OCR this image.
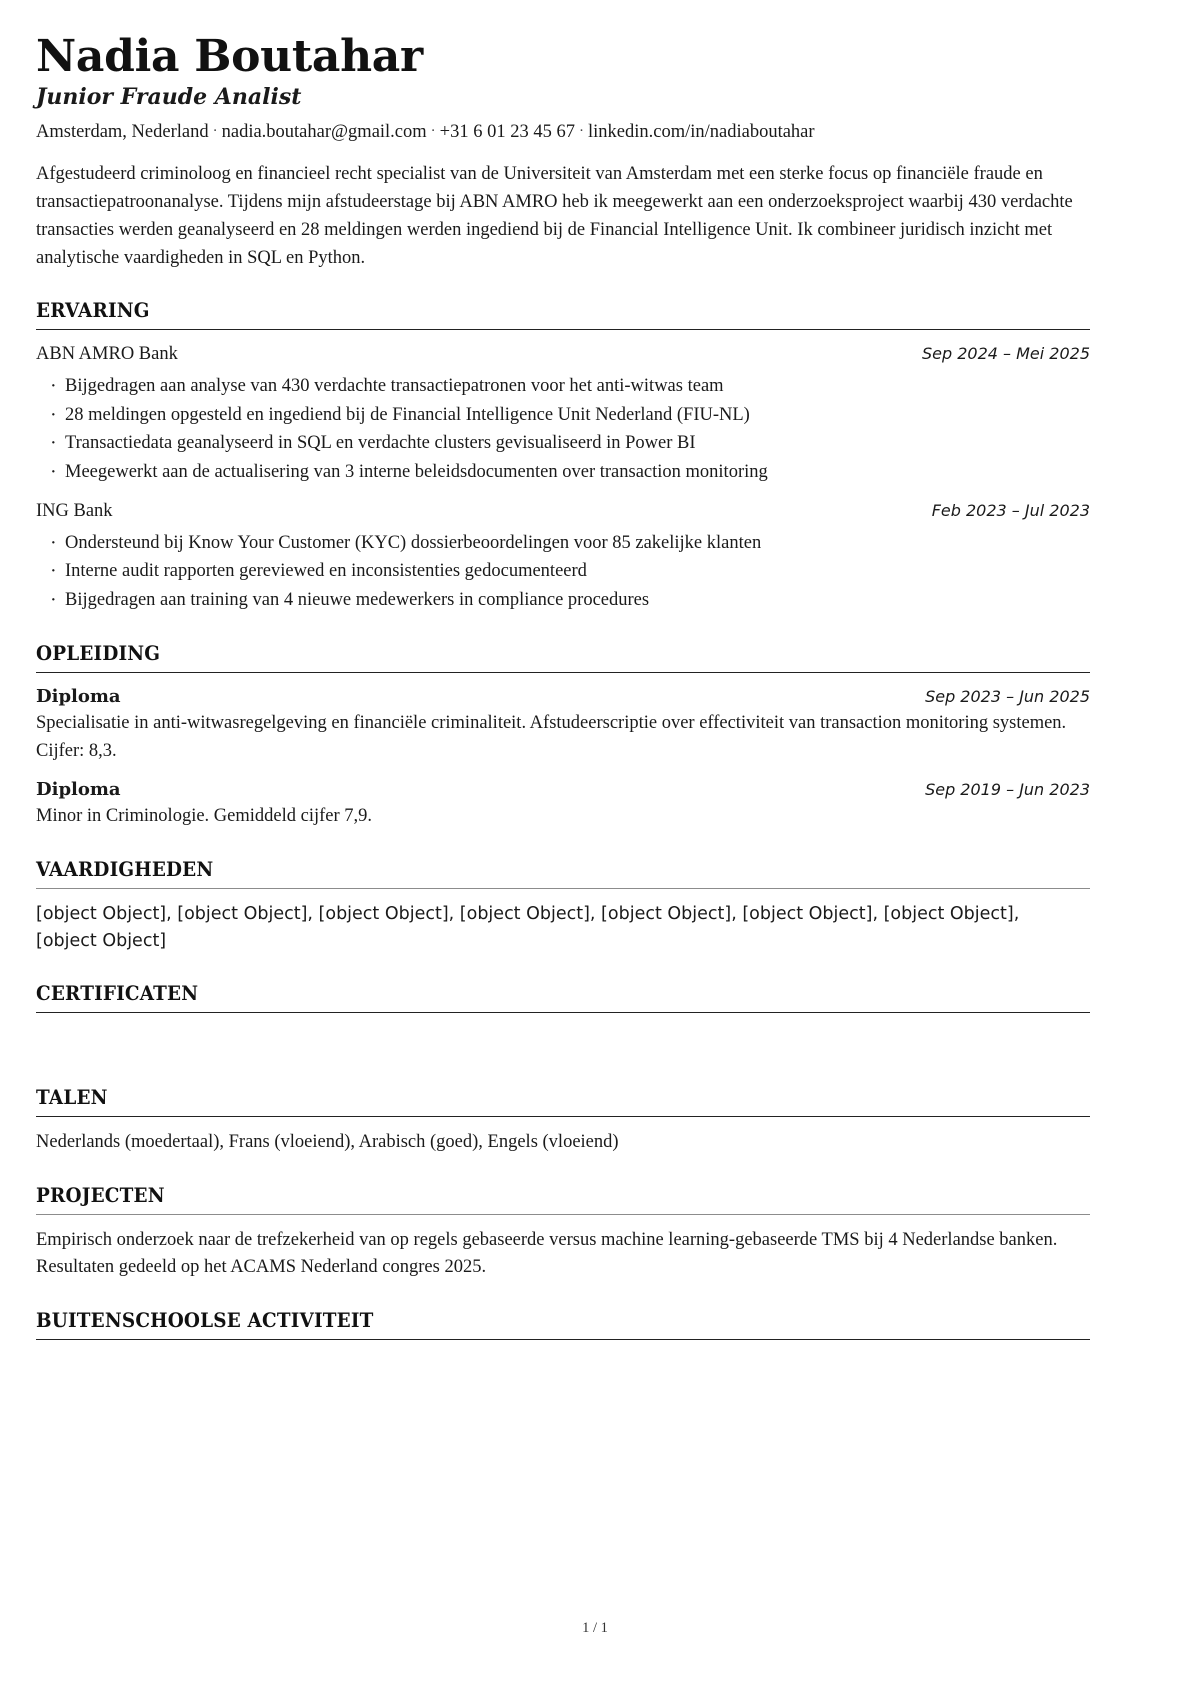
Nadia Boutahar
Junior Fraude Analist
Amsterdam, Nederland · nadia.boutahar@gmail.com · +31 6 01 23 45 67 · linkedin.com/in/nadiaboutahar

Afgestudeerd criminoloog en financieel recht specialist van de Universiteit van Amsterdam met een sterke focus op financiële fraude en transactiepatroonanalyse. Tijdens mijn afstudeerstage bij ABN AMRO heb ik meegewerkt aan een onderzoeksproject waarbij 430 verdachte transacties werden geanalyseerd en 28 meldingen werden ingediend bij de Financial Intelligence Unit. Ik combineer juridisch inzicht met analytische vaardigheden in SQL en Python.

ERVARING
ABN AMRO Bank	Sep 2024 – Mei 2025
· Bijgedragen aan analyse van 430 verdachte transactiepatronen voor het anti-witwas team
· 28 meldingen opgesteld en ingediend bij de Financial Intelligence Unit Nederland (FIU-NL)
· Transactiedata geanalyseerd in SQL en verdachte clusters gevisualiseerd in Power BI
· Meegewerkt aan de actualisering van 3 interne beleidsdocumenten over transaction monitoring
ING Bank	Feb 2023 – Jul 2023
· Ondersteund bij Know Your Customer (KYC) dossierbeoordelingen voor 85 zakelijke klanten
· Interne audit rapporten gereviewed en inconsistenties gedocumenteerd
· Bijgedragen aan training van 4 nieuwe medewerkers in compliance procedures
OPLEIDING
Diploma	Sep 2023 – Jun 2025

Specialisatie in anti-witwasregelgeving en financiële criminaliteit. Afstudeerscriptie over effectiviteit van transaction monitoring systemen. Cijfer: 8,3.

Diploma	Sep 2019 – Jun 2023

Minor in Criminologie. Gemiddeld cijfer 7,9.

VAARDIGHEDEN

[object Object], [object Object], [object Object], [object Object], [object Object], [object Object], [object Object], [object Object]

CERTIFICATEN
TALEN

Nederlands (moedertaal), Frans (vloeiend), Arabisch (goed), Engels (vloeiend)

PROJECTEN

Empirisch onderzoek naar de trefzekerheid van op regels gebaseerde versus machine learning-gebaseerde TMS bij 4 Nederlandse banken. Resultaten gedeeld op het ACAMS Nederland congres 2025.

BUITENSCHOOLSE ACTIVITEIT
1 / 1
